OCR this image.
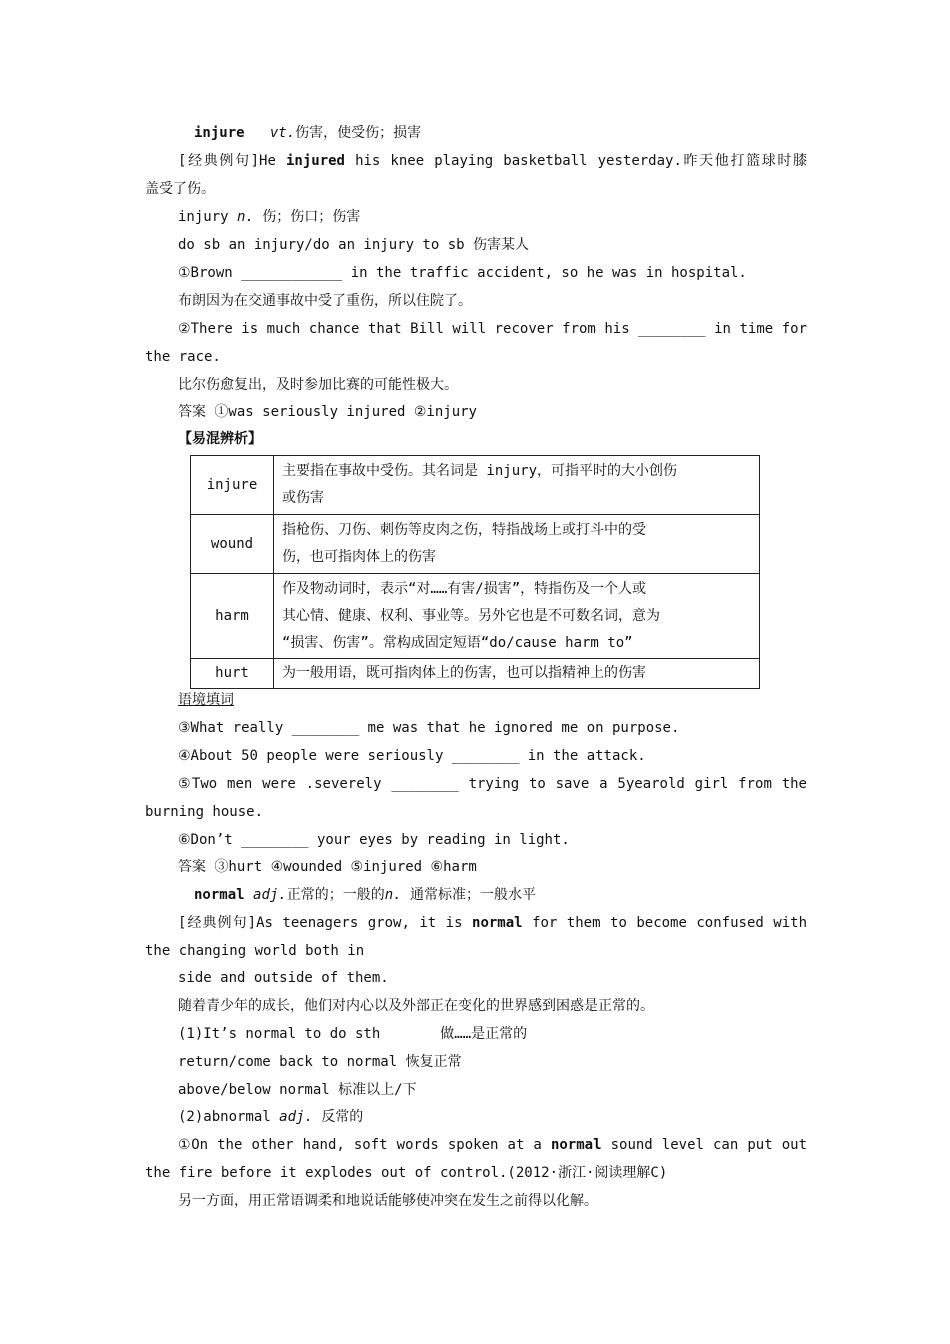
injure vt.伤害，使受伤；损害
[经典例句]He injured his knee playing basketball yesterday.昨天他打篮球时膝
盖受了伤。
injury n. 伤；伤口；伤害
do sb an injury/do an injury to sb 伤害某人
①Brown ____________ in the traffic accident, so he was in hospital.
布朗因为在交通事故中受了重伤，所以住院了。
②There is much chance that Bill will recover from his ________ in time for
the race.
比尔伤愈复出，及时参加比赛的可能性极大。
答案 ①was seriously injured ②injury
【易混辨析】
injure	主要指在事故中受伤。其名词是 injury，可指平时的大小创伤
或伤害

wound	指枪伤、刀伤、刺伤等皮肉之伤，特指战场上或打斗中的受
伤，也可指肉体上的伤害

harm	作及物动词时，表示“对……有害/损害”，特指伤及一个人或
其心情、健康、权利、事业等。另外它也是不可数名词，意为
“损害、伤害”。常构成固定短语“do/cause harm to”

hurt	为一般用语，既可指肉体上的伤害，也可以指精神上的伤害
语境填词
③What really ________ me was that he ignored me on purpose.
④About 50 people were seriously ________ in the attack.
⑤Two men were .severely ________ trying to save a 5yearold girl from the
burning house.
⑥Don’t ________ your eyes by reading in light.
答案 ③hurt ④wounded ⑤injured ⑥harm
normal adj.正常的；一般的n. 通常标准；一般水平
[经典例句]As teenagers grow, it is normal for them to become confused with
the changing world both in
side and outside of them.
随着青少年的成长，他们对内心以及外部正在变化的世界感到困惑是正常的。
(1)It’s normal to do sth	做……是正常的
return/come back to normal 恢复正常
above/below normal 标准以上/下
(2)abnormal adj. 反常的
①On the other hand, soft words spoken at a normal sound level can put out
the fire before it explodes out of control.(2012·浙江·阅读理解C)
另一方面，用正常语调柔和地说话能够使冲突在发生之前得以化解。
